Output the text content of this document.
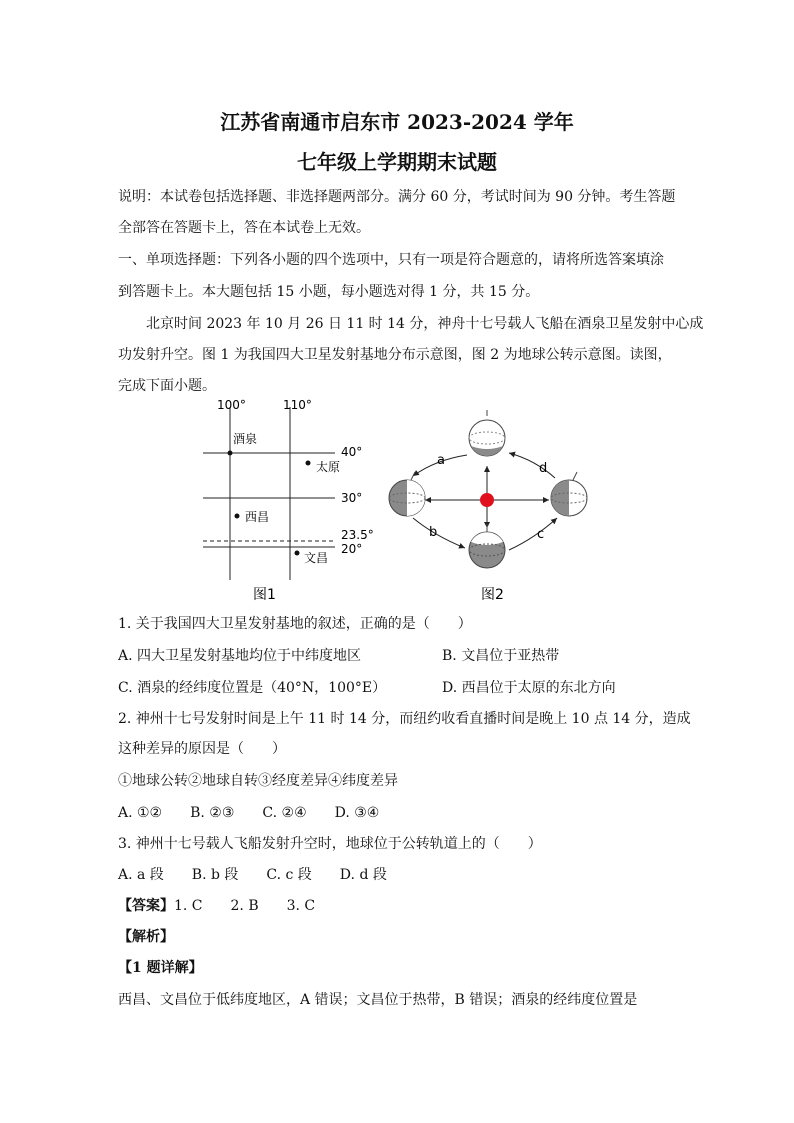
江苏省南通市启东市 2023-2024 学年
七年级上学期期末试题
说明：本试卷包括选择题、非选择题两部分。满分 60 分，考试时间为 90 分钟。考生答题
全部答在答题卡上，答在本试卷上无效。
一、单项选择题：下列各小题的四个选项中，只有一项是符合题意的，请将所选答案填涂
到答题卡上。本大题包括 15 小题，每小题选对得 1 分，共 15 分。
北京时间 2023 年 10 月 26 日 11 时 14 分，神舟十七号载人飞船在酒泉卫星发射中心成
功发射升空。图 1 为我国四大卫星发射基地分布示意图，图 2 为地球公转示意图。读图，
完成下面小题。
100°	110°
40°
30°
23.5°
20°
酒泉
太原
西昌
文昌
图1
a
b	c
d
图2
1. 关于我国四大卫星发射基地的叙述，正确的是（　　）
A. 四大卫星发射基地均位于中纬度地区	B. 文昌位于亚热带
C. 酒泉的经纬度位置是（40°N，100°E）	D. 西昌位于太原的东北方向
2. 神州十七号发射时间是上午 11 时 14 分，而纽约收看直播时间是晚上 10 点 14 分，造成
这种差异的原因是（　　）
①地球公转②地球自转③经度差异④纬度差异
A. ①②　　B. ②③　　C. ②④　　D. ③④
3. 神州十七号载人飞船发射升空时，地球位于公转轨道上的（　　）
A. a 段　　B. b 段　　C. c 段　　D. d 段
【答案】1. C　　2. B　　3. C
【解析】
【1 题详解】
西昌、文昌位于低纬度地区，A 错误；文昌位于热带，B 错误；酒泉的经纬度位置是
